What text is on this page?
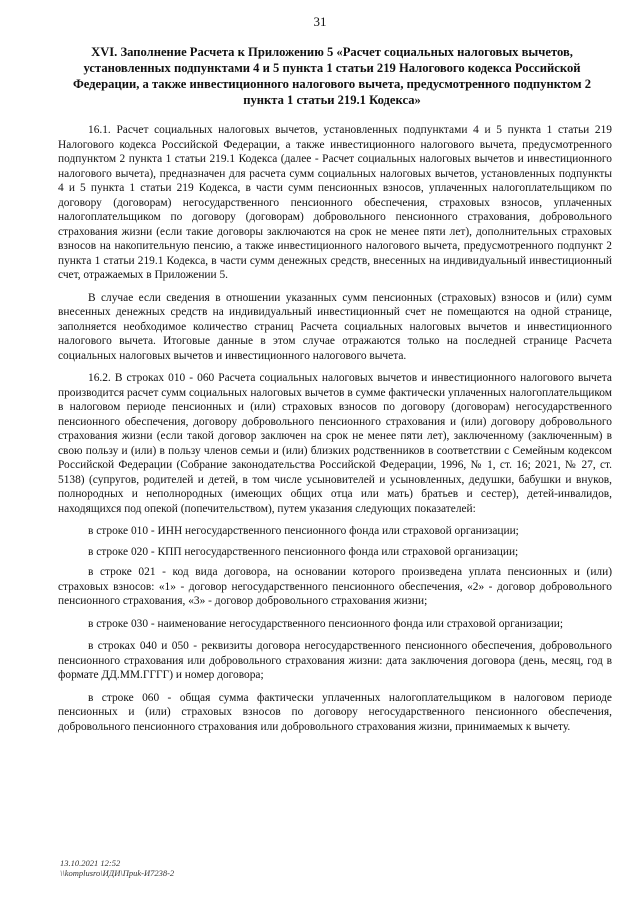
31
XVI. Заполнение Расчета к Приложению 5 «Расчет социальных налоговых вычетов, установленных подпунктами 4 и 5 пункта 1 статьи 219 Налогового кодекса Российской Федерации, а также инвестиционного налогового вычета, предусмотренного подпунктом 2 пункта 1 статьи 219.1 Кодекса»

16.1. Расчет социальных налоговых вычетов, установленных подпунктами 4 и 5 пункта 1 статьи 219 Налогового кодекса Российской Федерации, а также инвестиционного налогового вычета, предусмотренного подпунктом 2 пункта 1 статьи 219.1 Кодекса (далее - Расчет социальных налоговых вычетов и инвестиционного налогового вычета), предназначен для расчета сумм социальных налоговых вычетов, установленных подпункты 4 и 5 пункта 1 статьи 219 Кодекса, в части сумм пенсионных взносов, уплаченных налогоплательщиком по договору (договорам) негосударственного пенсионного обеспечения, страховых взносов, уплаченных налогоплательщиком по договору (договорам) добровольного пенсионного страхования, добровольного страхования жизни (если такие договоры заключаются на срок не менее пяти лет), дополнительных страховых взносов на накопительную пенсию, а также инвестиционного налогового вычета, предусмотренного подпункт 2 пункта 1 статьи 219.1 Кодекса, в части сумм денежных средств, внесенных на индивидуальный инвестиционный счет, отражаемых в Приложении 5.

В случае если сведения в отношении указанных сумм пенсионных (страховых) взносов и (или) сумм внесенных денежных средств на индивидуальный инвестиционный счет не помещаются на одной странице, заполняется необходимое количество страниц Расчета социальных налоговых вычетов и инвестиционного налогового вычета. Итоговые данные в этом случае отражаются только на последней странице Расчета социальных налоговых вычетов и инвестиционного налогового вычета.

16.2. В строках 010 - 060 Расчета социальных налоговых вычетов и инвестиционного налогового вычета производится расчет сумм социальных налоговых вычетов в сумме фактически уплаченных налогоплательщиком в налоговом периоде пенсионных и (или) страховых взносов по договору (договорам) негосударственного пенсионного обеспечения, договору добровольного пенсионного страхования и (или) договору добровольного страхования жизни (если такой договор заключен на срок не менее пяти лет), заключенному (заключенным) в свою пользу и (или) в пользу членов семьи и (или) близких родственников в соответствии с Семейным кодексом Российской Федерации (Собрание законодательства Российской Федерации, 1996, № 1, ст. 16; 2021, № 27, ст. 5138) (супругов, родителей и детей, в том числе усыновителей и усыновленных, дедушки, бабушки и внуков, полнородных и неполнородных (имеющих общих отца или мать) братьев и сестер), детей-инвалидов, находящихся под опекой (попечительством), путем указания следующих показателей:

в строке 010 - ИНН негосударственного пенсионного фонда или страховой организации;

в строке 020 - КПП негосударственного пенсионного фонда или страховой организации;

в строке 021 - код вида договора, на основании которого произведена уплата пенсионных и (или) страховых взносов: «1» - договор негосударственного пенсионного обеспечения, «2» - договор добровольного пенсионного страхования, «3» - договор добровольного страхования жизни;

в строке 030 - наименование негосударственного пенсионного фонда или страховой организации;

в строках 040 и 050 - реквизиты договора негосударственного пенсионного обеспечения, добровольного пенсионного страхования или добровольного страхования жизни: дата заключения договора (день, месяц, год в формате ДД.ММ.ГГГГ) и номер договора;

в строке 060 - общая сумма фактически уплаченных налогоплательщиком в налоговом периоде пенсионных и (или) страховых взносов по договору негосударственного пенсионного обеспечения, добровольного пенсионного страхования или добровольного страхования жизни, принимаемых к вычету.

13.10.2021 12:52
\\komplusro\ИДИ\Приk-И7238-2
